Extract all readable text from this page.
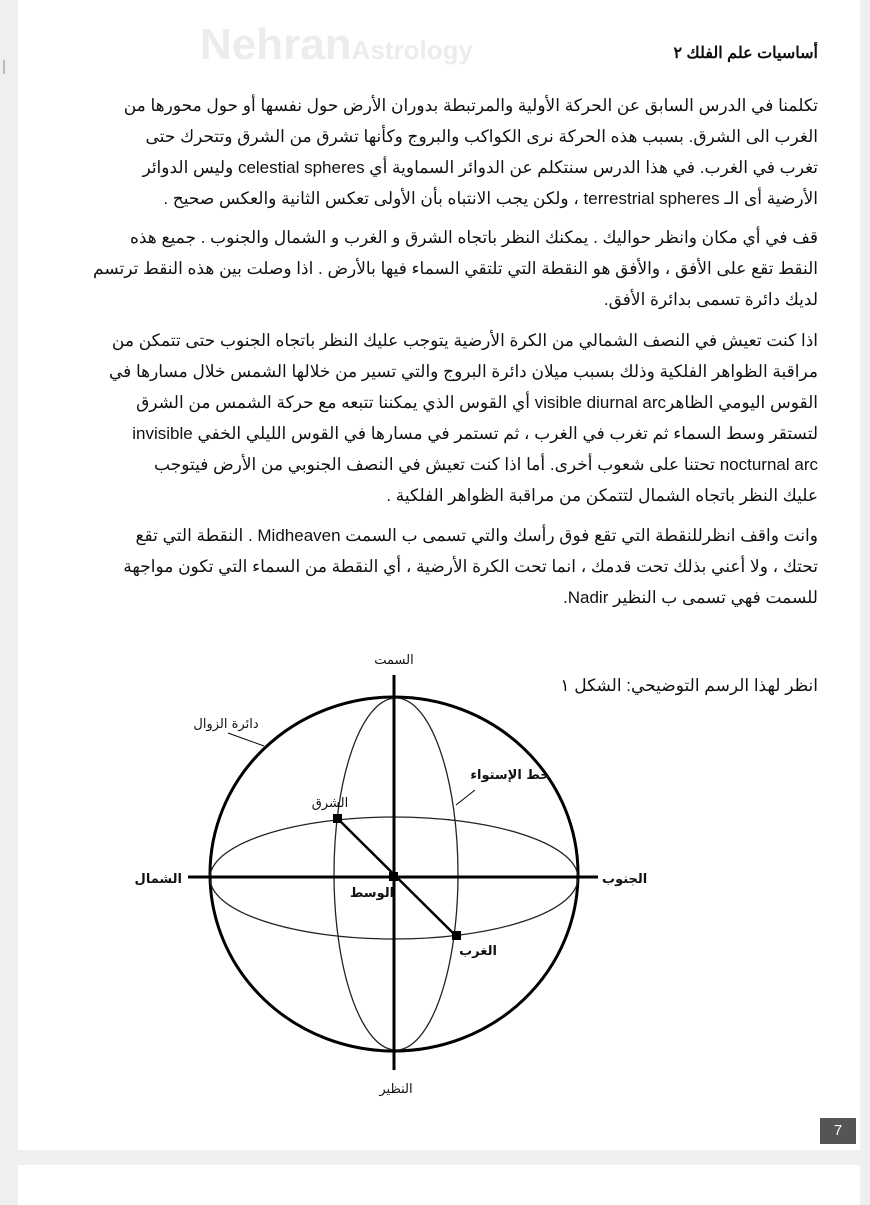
NehranAstrology	أساسيات علم الفلك ٢
تكلمنا في الدرس السابق عن الحركة الأولية والمرتبطة بدوران الأرض حول نفسها أو حول محورها من
الغرب الى الشرق. بسبب هذه الحركة نرى الكواكب والبروج وكأنها تشرق من الشرق وتتحرك حتى
تغرب في الغرب. في هذا الدرس سنتكلم عن الدوائر السماوية أي celestial spheres وليس الدوائر
الأرضية أى الـ terrestrial spheres ، ولكن يجب الانتباه بأن الأولى تعكس الثانية والعكس صحيح .
قف في أي مكان وانظر حواليك . يمكنك النظر باتجاه الشرق و الغرب و الشمال والجنوب . جميع هذه
النقط تقع على الأفق ، والأفق هو النقطة التي تلتقي السماء فيها بالأرض . اذا وصلت بين هذه النقط ترتسم
لديك دائرة تسمى بدائرة الأفق.
اذا كنت تعيش في النصف الشمالي من الكرة الأرضية يتوجب عليك النظر باتجاه الجنوب حتى تتمكن من
مراقبة الظواهر الفلكية وذلك بسبب ميلان دائرة البروج والتي تسير من خلالها الشمس خلال مسارها في
القوس اليومي الظاهرvisible diurnal arc أي القوس الذي يمكننا تتبعه مع حركة الشمس من الشرق
لتستقر وسط السماء ثم تغرب في الغرب ، ثم تستمر في مسارها في القوس الليلي الخفي invisible
nocturnal arc تحتنا على شعوب أخرى. أما اذا كنت تعيش في النصف الجنوبي من الأرض فيتوجب
عليك النظر باتجاه الشمال لتتمكن من مراقبة الظواهر الفلكية .
وانت واقف انظرللنقطة التي تقع فوق رأسك والتي تسمى ب السمت Midheaven . النقطة التي تقع
تحتك ، ولا أعني بذلك تحت قدمك ، انما تحت الكرة الأرضية ، أي النقطة من السماء التي تكون مواجهة
للسمت فهي تسمى ب النظير Nadir.
انظر لهذا الرسم التوضيحي: الشكل ١
السمت
النظير
الشمال	الجنوب
الشرق
الغرب
الوسط
خط الإستواء
دائرة الزوال
7
